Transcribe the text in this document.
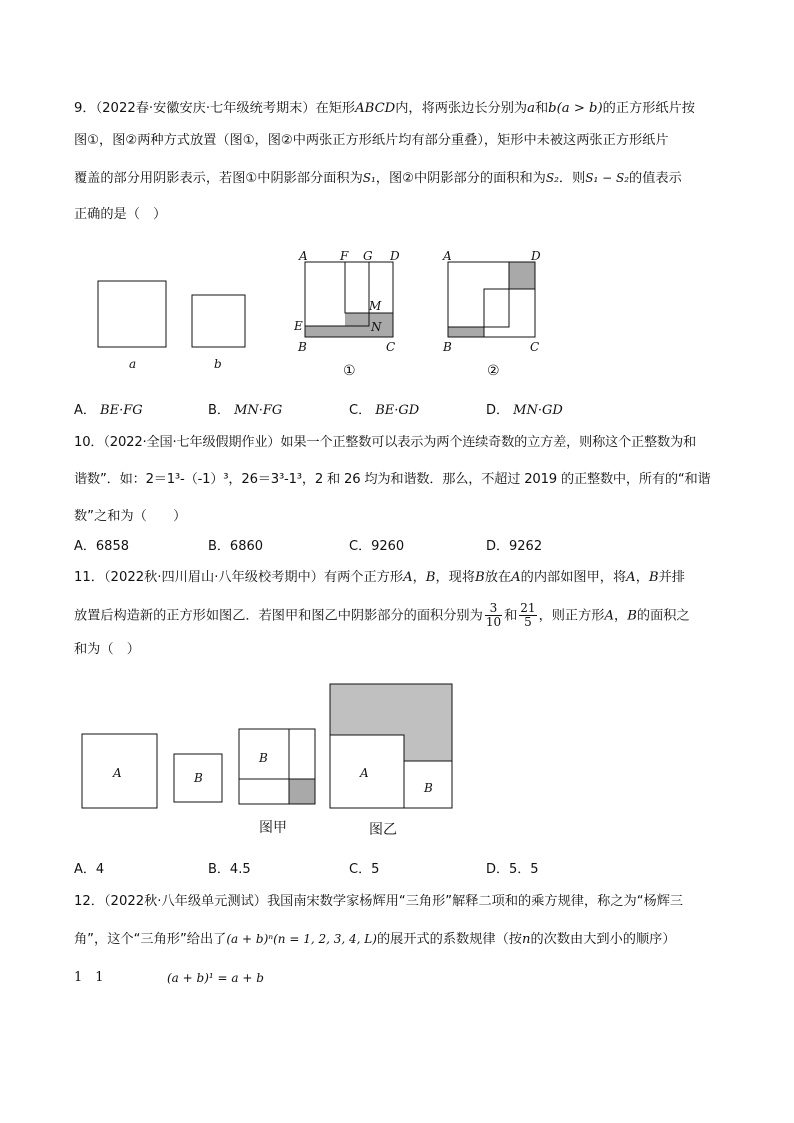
9．（2022春·安徽安庆·七年级统考期末）在矩形ABCD内，将两张边长分别为a和b(a > b)的正方形纸片按
图①，图②两种方式放置（图①，图②中两张正方形纸片均有部分重叠），矩形中未被这两张正方形纸片
覆盖的部分用阴影表示，若图①中阴影部分面积为S₁，图②中阴影部分的面积和为S₂．则S₁ − S₂的值表示
正确的是（　）
a	b
A	F G D
M
N
E
B	C
①
A	D
B	C
②
A． BE·FG	B． MN·FG	C． BE·GD	D． MN·GD
10．（2022·全国·七年级假期作业）如果一个正整数可以表示为两个连续奇数的立方差，则称这个正整数为和
谐数”．如：2＝1³-（-1）³，26＝3³-1³，2 和 26 均为和谐数．那么，不超过 2019 的正整数中，所有的“和谐
数”之和为（　　）
A．6858	B．6860	C．9260	D．9262
11．（2022秋·四川眉山·八年级校考期中）有两个正方形A，B，现将B放在A的内部如图甲，将A，B并排
放置后构造新的正方形如图乙．若图甲和图乙中阴影部分的面积分别为 $\frac{3}{10}$ 和 $\frac{21}{5}$ ，则正方形A，B的面积之
和为（　）
A	B
B
图甲
A
B
图乙
A．4	B．4.5	C．5	D．5．5
12．（2022秋·八年级单元测试）我国南宋数学家杨辉用“三角形”解释二项和的乘方规律，称之为“杨辉三
角”，这个“三角形”给出了(a + b)ⁿ(n = 1, 2, 3, 4, L)的展开式的系数规律（按n的次数由大到小的顺序）
1　1	(a + b)¹ = a + b
